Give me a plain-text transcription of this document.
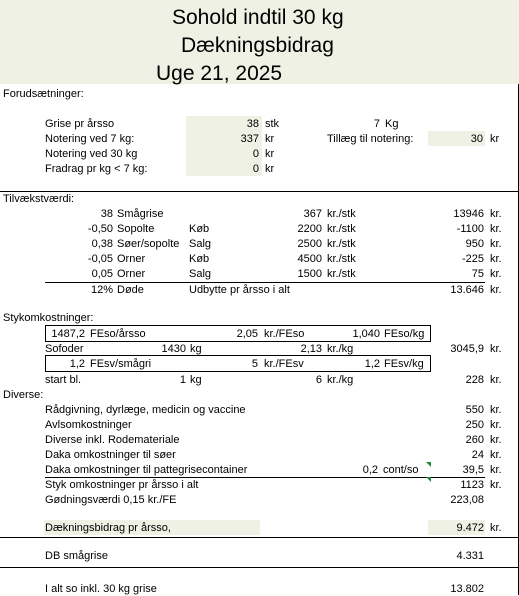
Sohold indtil 30 kg
Dækningsbidrag
Uge 21, 2025
Forudsætninger:
Grise pr årsso	38 stk	7 Kg
Notering ved 7 kg:	337 kr	Tillæg til notering:	30 kr
Notering ved 30 kg	0 kr
Fradrag pr kg < 7 kg:	0 kr
Tilvækstværdi:
38 Smågrise	367 kr./stk	13946 kr.
-0,50 Sopolte	Køb	2200 kr./stk	-1100 kr.
0,38 Søer/sopolte Salg	2500 kr./stk	950 kr.
-0,05 Orner	Køb	4500 kr./stk	-225 kr.
0,05 Orner	Salg	1500 kr./stk	75 kr.
12% Døde	Udbytte pr årsso i alt	13.646 kr.
Stykomkostninger:
1487,2 FEso/årsso	2,05 kr./FEso	1,040 FEso/kg
Sofoder	1430 kg	2,13 kr./kg	3045,9 kr.
1,2 FEsv/smågri	5 kr./FEsv	1,2 FEsv/kg
start bl.	1 kg	6 kr./kg	228 kr.
Diverse:
Rådgivning, dyrlæge, medicin og vaccine	550 kr.
Avlsomkostninger	250 kr.
Diverse inkl. Rodemateriale	260 kr.
Daka omkostninger til søer	24 kr.
Daka omkostninger til pattegrisecontainer	0,2 cont/so	39,5 kr.
Styk omkostninger pr årsso i alt	1123 kr.
Gødningsværdi 0,15 kr./FE	223,08
Dækningsbidrag pr årsso,	9.472 kr.
DB smågrise	4.331
I alt so inkl. 30 kg grise	13.802
